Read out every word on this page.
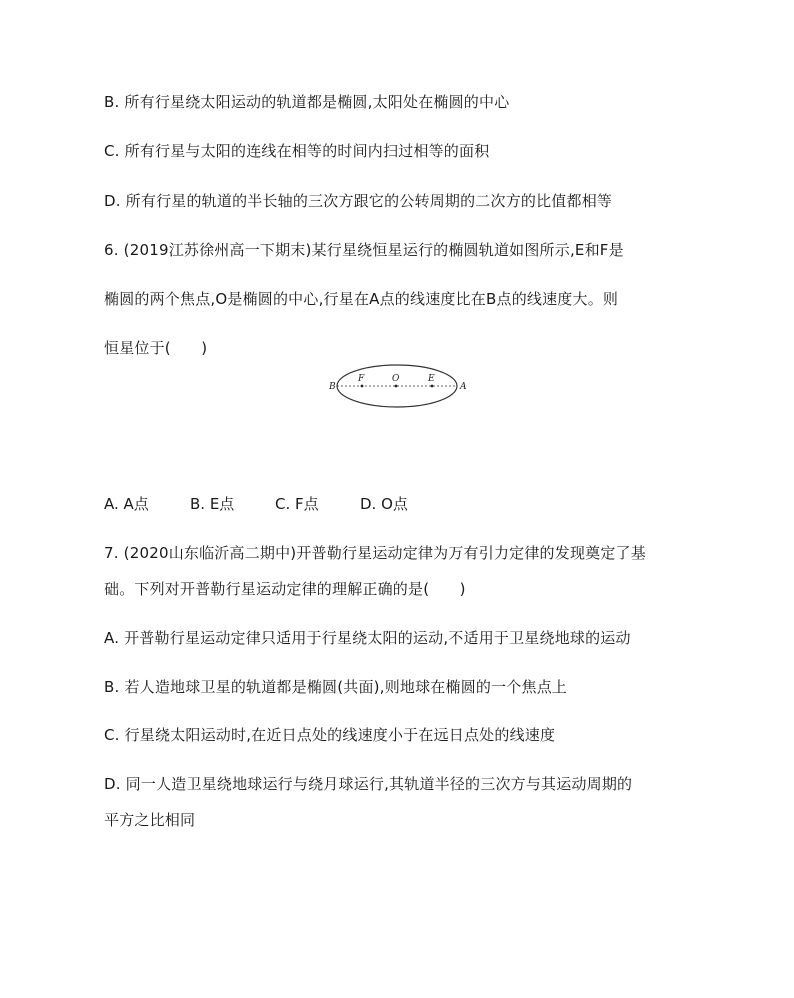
B. 所有行星绕太阳运动的轨道都是椭圆,太阳处在椭圆的中心
C. 所有行星与太阳的连线在相等的时间内扫过相等的面积
D. 所有行星的轨道的半长轴的三次方跟它的公转周期的二次方的比值都相等
6. (2019江苏徐州高一下期末)某行星绕恒星运行的椭圆轨道如图所示,E和F是
椭圆的两个焦点,O是椭圆的中心,行星在A点的线速度比在B点的线速度大。则
恒星位于(　　)
B
F	O	E
A
A. A点	B. E点	C. F点	D. O点
7. (2020山东临沂高二期中)开普勒行星运动定律为万有引力定律的发现奠定了基
础。下列对开普勒行星运动定律的理解正确的是(　　)
A. 开普勒行星运动定律只适用于行星绕太阳的运动,不适用于卫星绕地球的运动
B. 若人造地球卫星的轨道都是椭圆(共面),则地球在椭圆的一个焦点上
C. 行星绕太阳运动时,在近日点处的线速度小于在远日点处的线速度
D. 同一人造卫星绕地球运行与绕月球运行,其轨道半径的三次方与其运动周期的
平方之比相同
